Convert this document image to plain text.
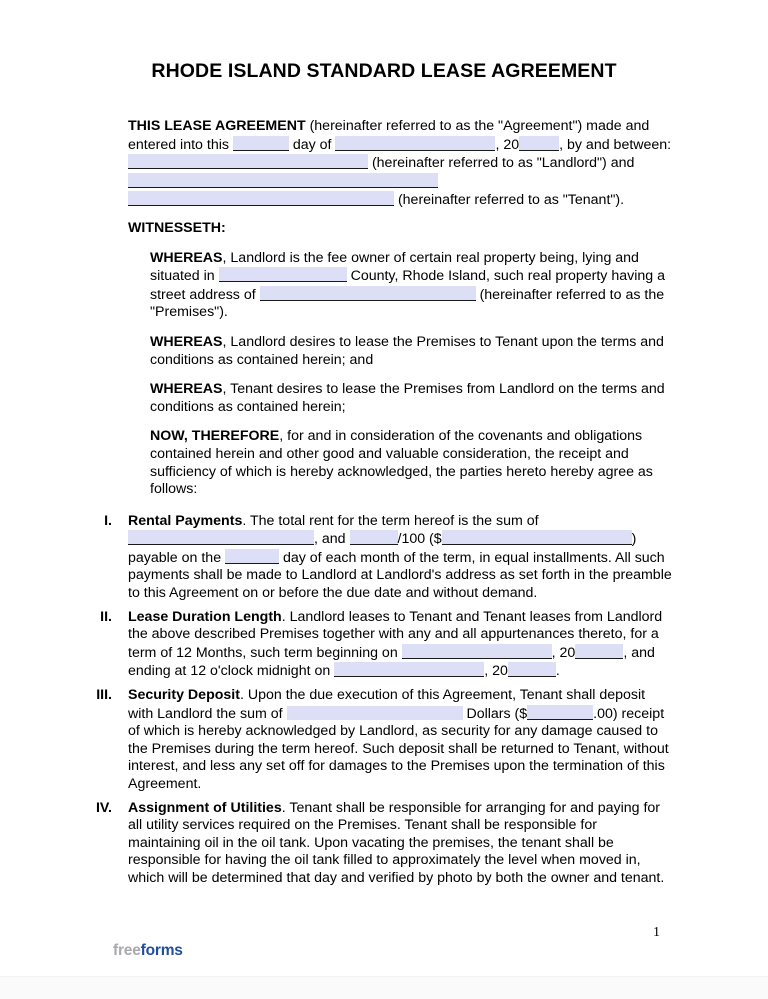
RHODE ISLAND STANDARD LEASE AGREEMENT
THIS LEASE AGREEMENT (hereinafter referred to as the "Agreement") made and entered into this	day of	, 20	, by and between:  (hereinafter referred to as "Landlord") and  (hereinafter referred to as "Tenant").
WITNESSETH:
WHEREAS, Landlord is the fee owner of certain real property being, lying and situated in	County, Rhode Island, such real property having a street address of	(hereinafter referred to as the "Premises").
WHEREAS, Landlord desires to lease the Premises to Tenant upon the terms and conditions as contained herein; and
WHEREAS, Tenant desires to lease the Premises from Landlord on the terms and conditions as contained herein;
NOW, THEREFORE, for and in consideration of the covenants and obligations contained herein and other good and valuable consideration, the receipt and sufficiency of which is hereby acknowledged, the parties hereto hereby agree as follows:
I. Rental Payments. The total rent for the term hereof is the sum of , and	/100 ($	) payable on the	day of each month of the term, in equal installments. All such payments shall be made to Landlord at Landlord's address as set forth in the preamble to this Agreement on or before the due date and without demand.
II. Lease Duration Length. Landlord leases to Tenant and Tenant leases from Landlord the above described Premises together with any and all appurtenances thereto, for a term of 12 Months, such term beginning on	, 20	, and ending at 12 o'clock midnight on	, 20	.
III. Security Deposit. Upon the due execution of this Agreement, Tenant shall deposit with Landlord the sum of	Dollars ($	.00) receipt of which is hereby acknowledged by Landlord, as security for any damage caused to the Premises during the term hereof. Such deposit shall be returned to Tenant, without interest, and less any set off for damages to the Premises upon the termination of this Agreement.
IV. Assignment of Utilities. Tenant shall be responsible for arranging for and paying for all utility services required on the Premises. Tenant shall be responsible for maintaining oil in the oil tank. Upon vacating the premises, the tenant shall be responsible for having the oil tank filled to approximately the level when moved in, which will be determined that day and verified by photo by both the owner and tenant.
1
freeforms
